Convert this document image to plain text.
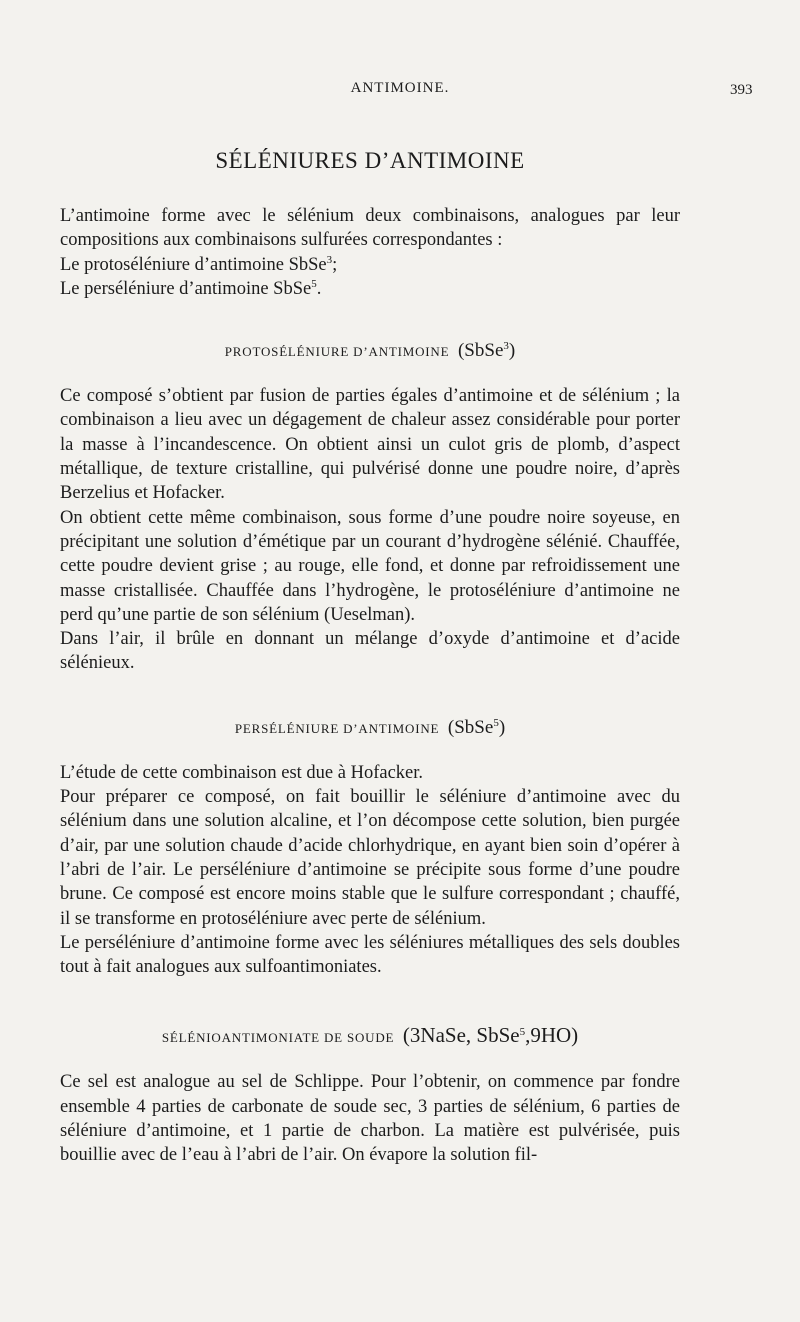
ANTIMOINE.	393
SÉLÉNIURES D’ANTIMOINE

L’antimoine forme avec le sélénium deux combinaisons, analogues par leur compositions aux combinaisons sulfurées correspondantes :

Le protoséléniure d’antimoine SbSe$^3$;

Le perséléniure d’antimoine SbSe$^5$.

PROTOSÉLÉNIURE D’ANTIMOINE (SbSe$^3$)

Ce composé s’obtient par fusion de parties égales d’antimoine et de sélénium ; la combinaison a lieu avec un dégagement de chaleur assez considérable pour porter la masse à l’incandescence. On obtient ainsi un culot gris de plomb, d’aspect métallique, de texture cristalline, qui pulvérisé donne une poudre noire, d’après Berzelius et Hofacker.

On obtient cette même combinaison, sous forme d’une poudre noire soyeuse, en précipitant une solution d’émétique par un courant d’hydrogène sélénié. Chauffée, cette poudre devient grise ; au rouge, elle fond, et donne par refroidissement une masse cristallisée. Chauffée dans l’hydrogène, le protoséléniure d’antimoine ne perd qu’une partie de son sélénium (Ueselman).

Dans l’air, il brûle en donnant un mélange d’oxyde d’antimoine et d’acide sélénieux.

PERSÉLÉNIURE D’ANTIMOINE (SbSe$^5$)

L’étude de cette combinaison est due à Hofacker.

Pour préparer ce composé, on fait bouillir le séléniure d’antimoine avec du sélénium dans une solution alcaline, et l’on décompose cette solution, bien purgée d’air, par une solution chaude d’acide chlorhydrique, en ayant bien soin d’opérer à l’abri de l’air. Le perséléniure d’antimoine se précipite sous forme d’une poudre brune. Ce composé est encore moins stable que le sulfure correspondant ; chauffé, il se transforme en protoséléniure avec perte de sélénium.

Le perséléniure d’antimoine forme avec les séléniures métalliques des sels doubles tout à fait analogues aux sulfoantimoniates.

SÉLÉNIOANTIMONIATE DE SOUDE (3NaSe, SbSe$^5$,9HO)

Ce sel est analogue au sel de Schlippe. Pour l’obtenir, on commence par fondre ensemble 4 parties de carbonate de soude sec, 3 parties de sélénium, 6 parties de séléniure d’antimoine, et 1 partie de charbon. La matière est pulvérisée, puis bouillie avec de l’eau à l’abri de l’air. On évapore la solution fil-
